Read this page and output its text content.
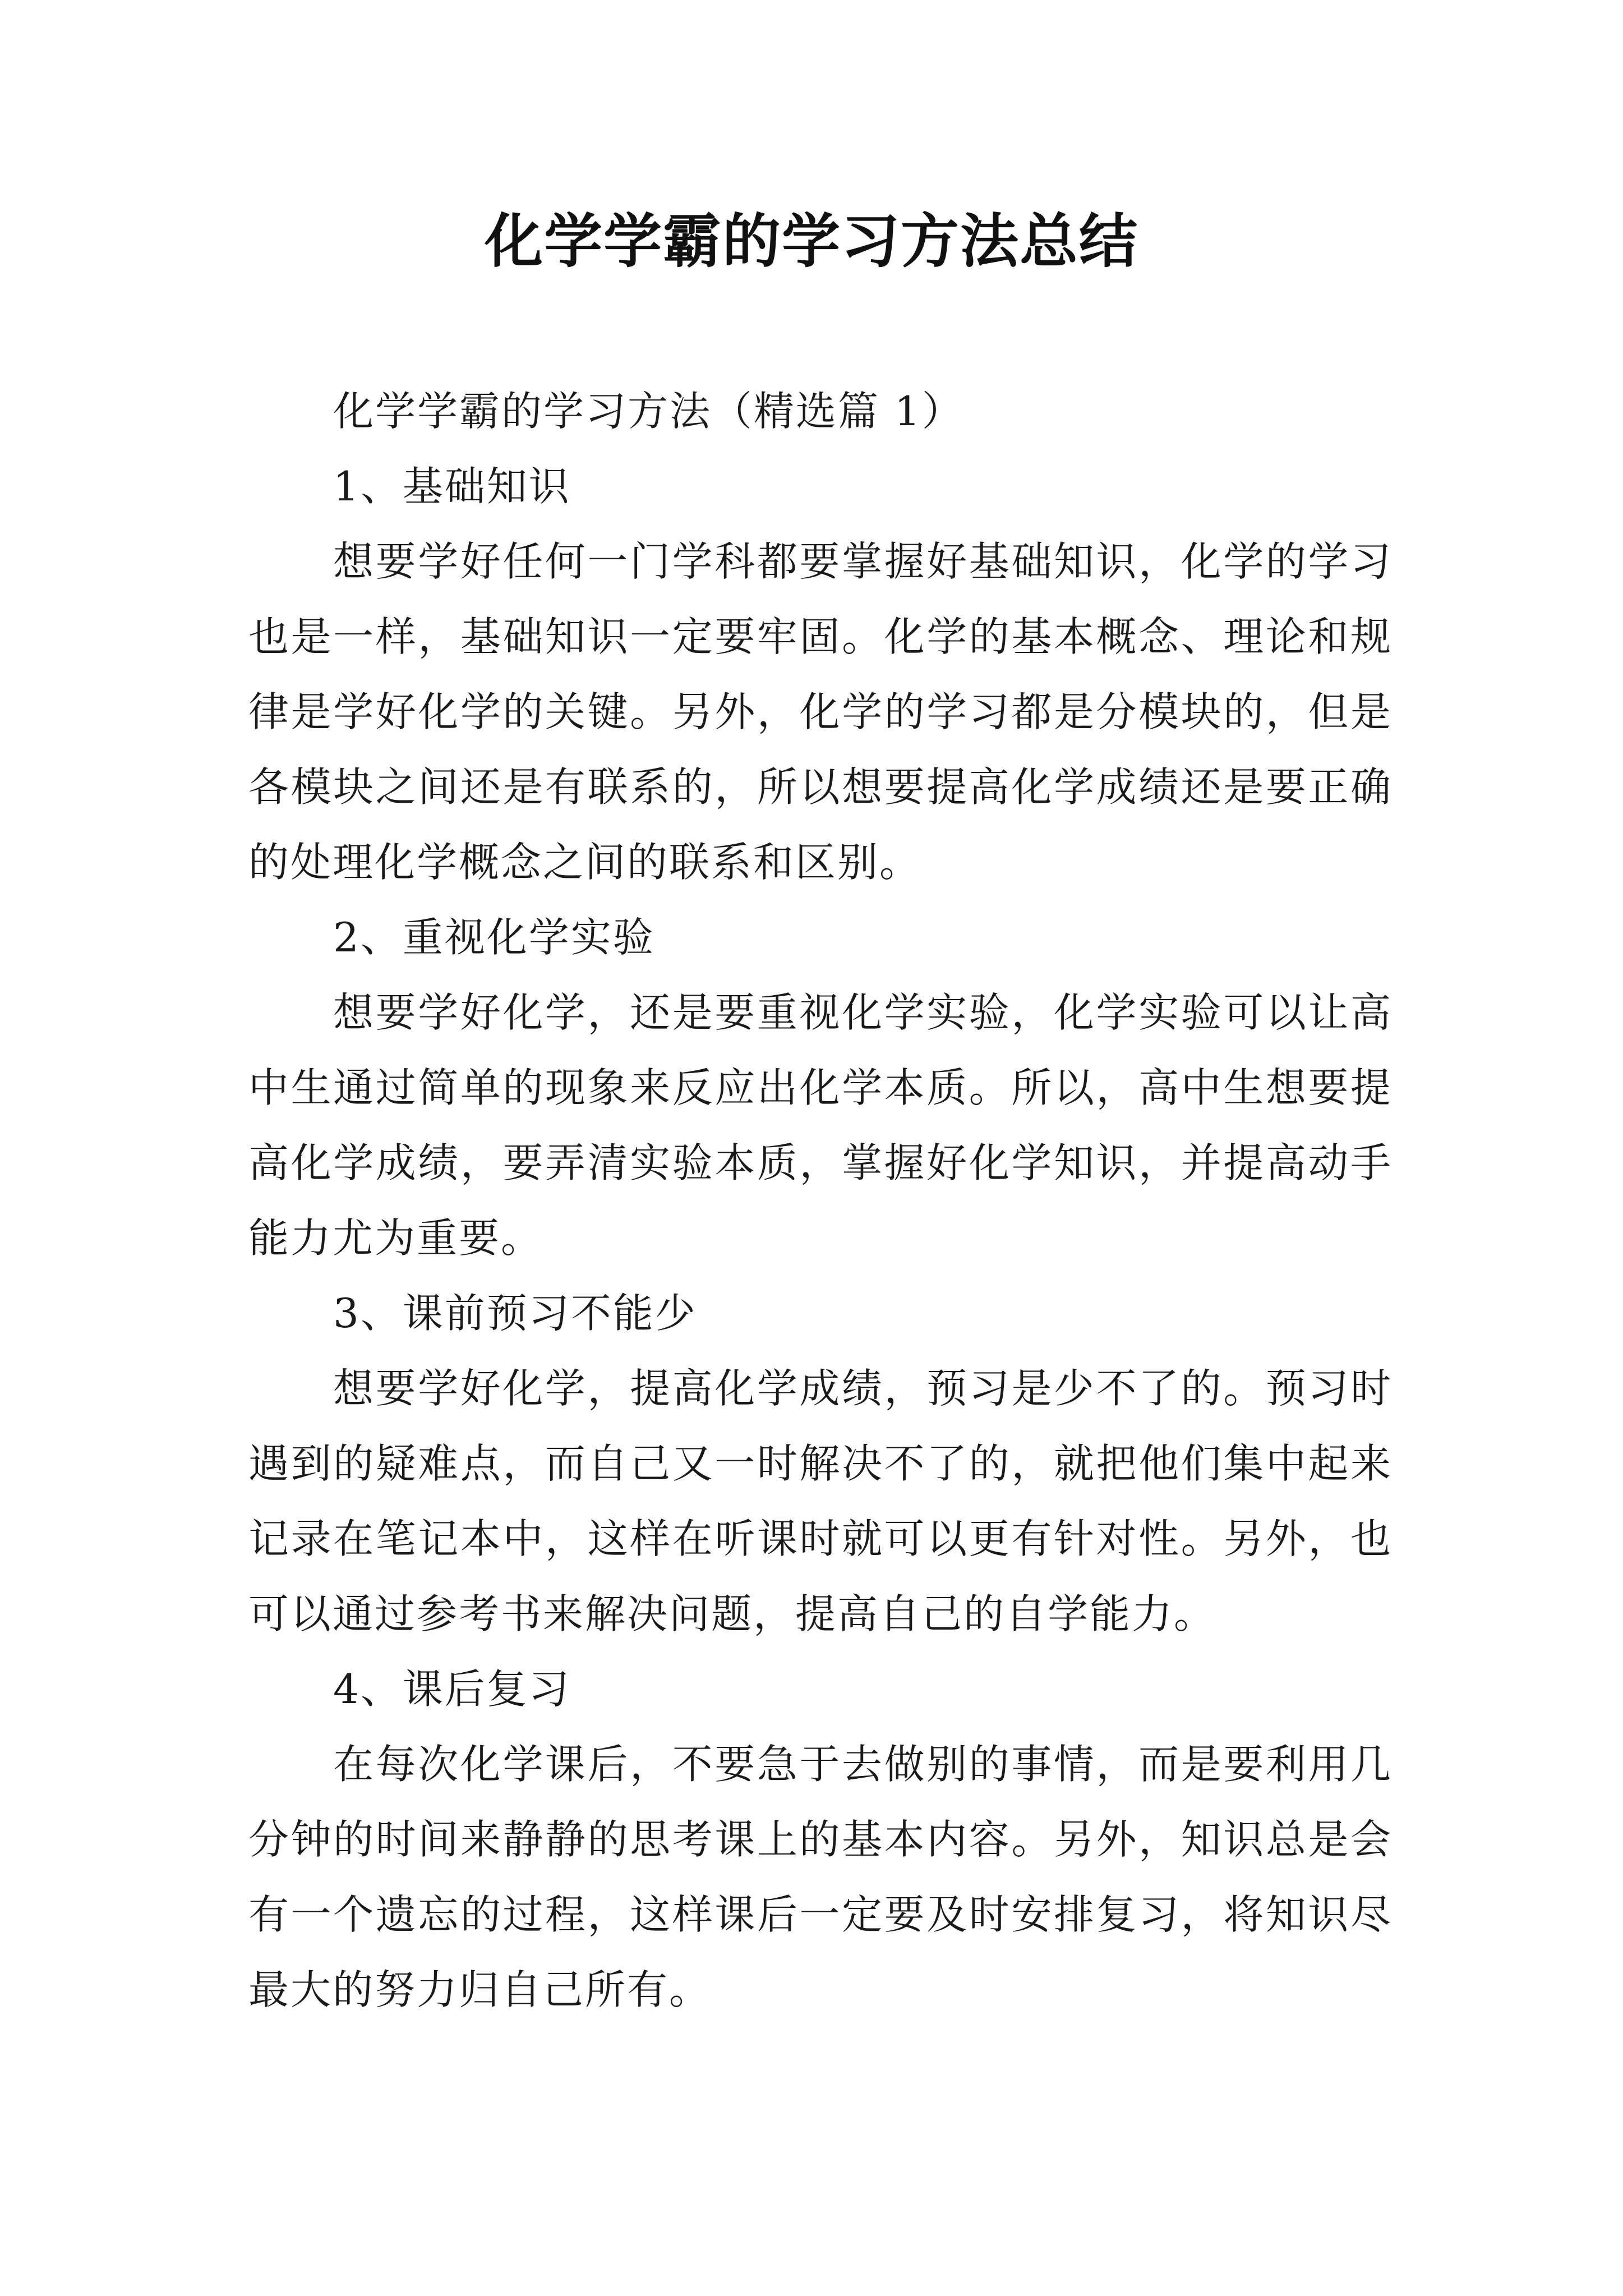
化学学霸的学习方法总结

化学学霸的学习方法（精选篇 1）

1、基础知识

想要学好任何一门学科都要掌握好基础知识，化学的学习也是一样，基础知识一定要牢固。化学的基本概念、理论和规律是学好化学的关键。另外，化学的学习都是分模块的，但是各模块之间还是有联系的，所以想要提高化学成绩还是要正确的处理化学概念之间的联系和区别。

2、重视化学实验

想要学好化学，还是要重视化学实验，化学实验可以让高中生通过简单的现象来反应出化学本质。所以，高中生想要提高化学成绩，要弄清实验本质，掌握好化学知识，并提高动手能力尤为重要。

3、课前预习不能少

想要学好化学，提高化学成绩，预习是少不了的。预习时遇到的疑难点，而自己又一时解决不了的，就把他们集中起来记录在笔记本中，这样在听课时就可以更有针对性。另外，也可以通过参考书来解决问题，提高自己的自学能力。

4、课后复习

在每次化学课后，不要急于去做别的事情，而是要利用几分钟的时间来静静的思考课上的基本内容。另外，知识总是会有一个遗忘的过程，这样课后一定要及时安排复习，将知识尽最大的努力归自己所有。
